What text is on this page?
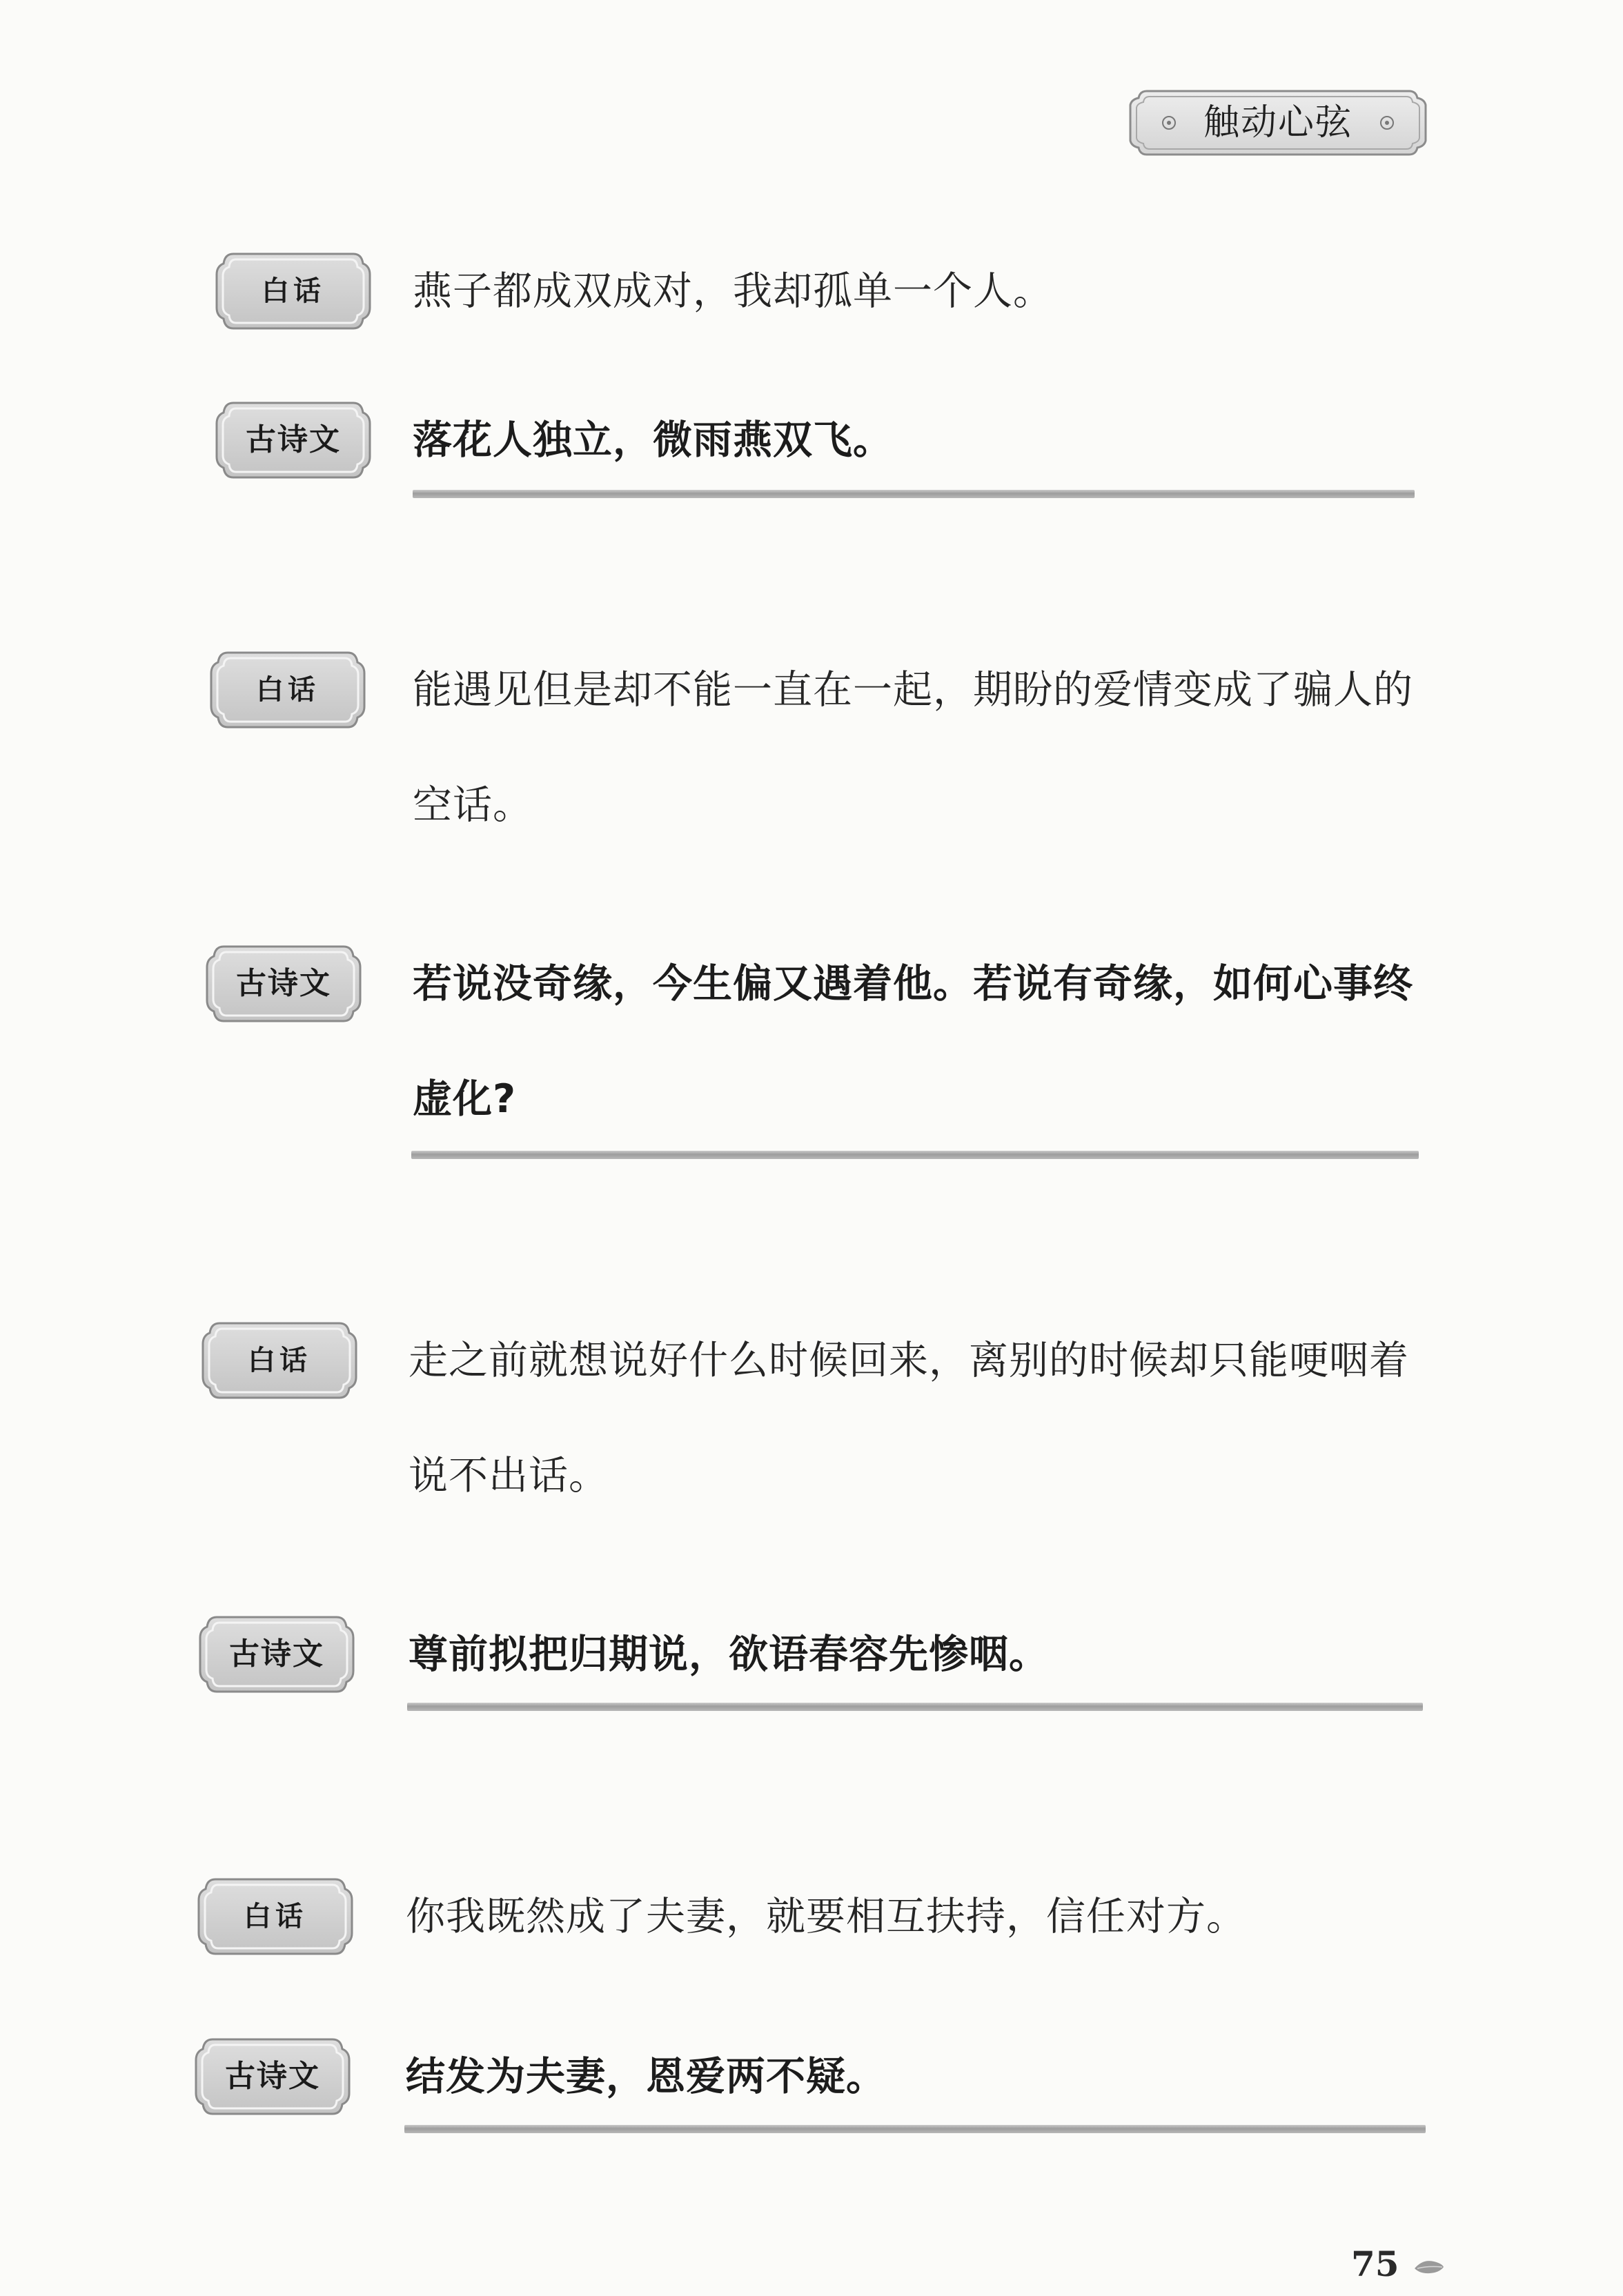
触动心弦
白话	燕子都成双成对，我却孤单一个人。
古诗文	落花人独立，微雨燕双飞。
白话	能遇见但是却不能一直在一起，期盼的爱情变成了骗人的空话。
古诗文	若说没奇缘，今生偏又遇着他。若说有奇缘，如何心事终虚化?
白话	走之前就想说好什么时候回来，离别的时候却只能哽咽着说不出话。
古诗文	尊前拟把归期说，欲语春容先惨咽。
白话	你我既然成了夫妻，就要相互扶持，信任对方。
古诗文	结发为夫妻，恩爱两不疑。
75
